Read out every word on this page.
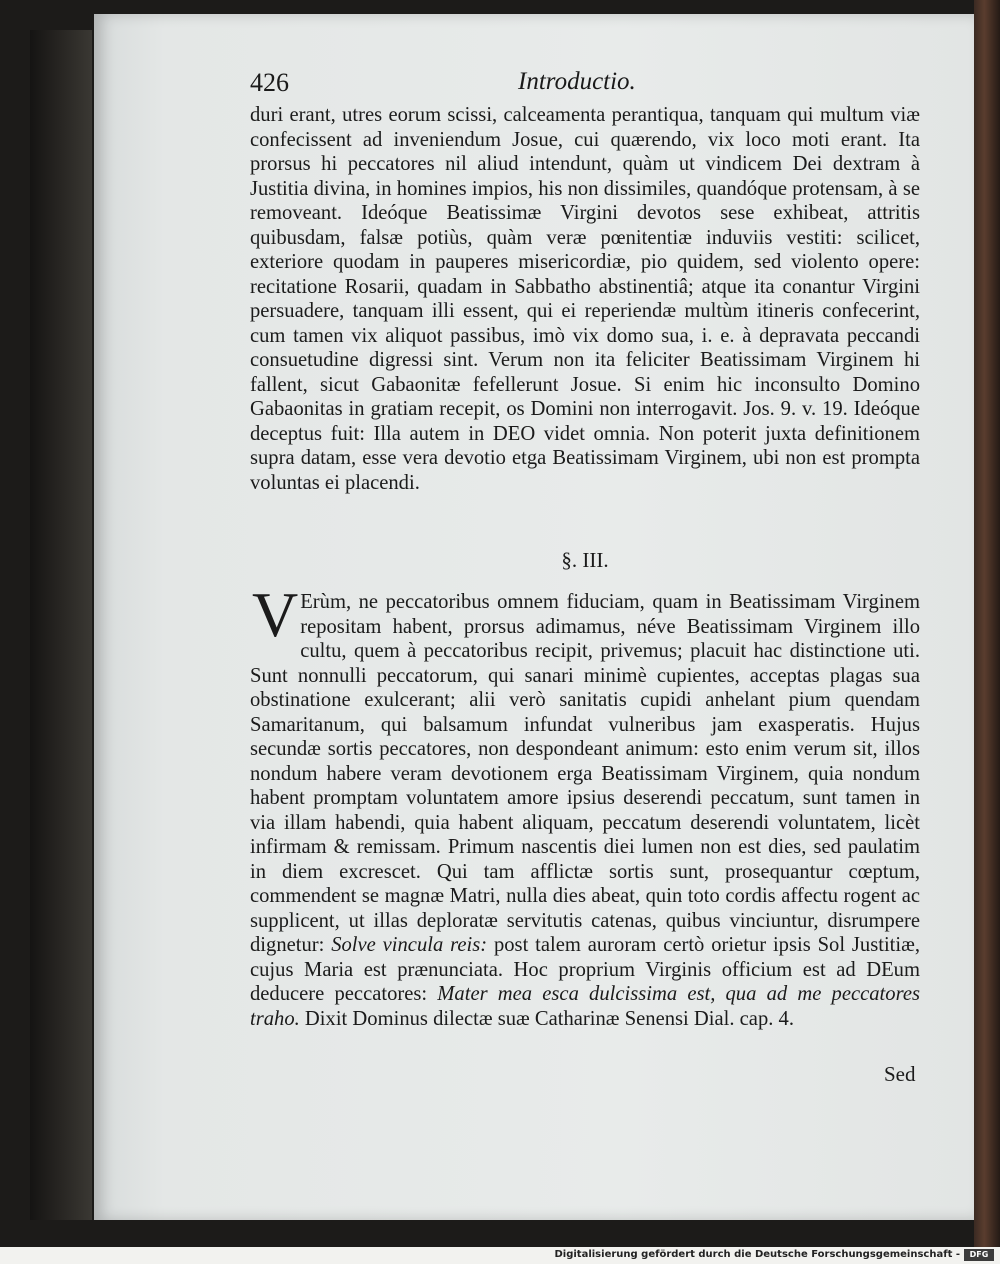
426	Introductio.
duri erant, utres eorum scissi, calceamenta perantiqua, tanquam qui multum viæ confecissent ad inveniendum Josue, cui quærendo, vix loco moti erant. Ita prorsus hi peccatores nil aliud intendunt, quàm ut vindicem Dei dextram à Justitia divina, in homines impios, his non dissimiles, quandóque protensam, à se removeant. Ideóque Beatissimæ Virgini devotos sese exhibeat, attritis quibusdam, falsæ potiùs, quàm veræ pœnitentiæ induviis vestiti: scilicet, exteriore quodam in pauperes misericordiæ, pio quidem, sed violento opere: recitatione Rosarii, quadam in Sabbatho abstinentiâ; atque ita conantur Virgini persuadere, tanquam illi essent, qui ei reperiendæ multùm itineris confecerint, cum tamen vix aliquot passibus, imò vix domo sua, i. e. à depravata peccandi consuetudine digressi sint. Verum non ita feliciter Beatissimam Virginem hi fallent, sicut Gabaonitæ fefellerunt Josue. Si enim hic inconsulto Domino Gabaonitas in gratiam recepit, os Domini non interrogavit. Jos. 9. v. 19. Ideóque deceptus fuit: Illa autem in DEO videt omnia. Non poterit juxta definitionem supra datam, esse vera devotio etga Beatissimam Virginem, ubi non est prompta voluntas ei placendi.
§. III.
V Erùm, ne peccatoribus omnem fiduciam, quam in Beatissimam Virginem repositam habent, prorsus adimamus, néve Beatissimam Virginem illo cultu, quem à peccatoribus recipit, privemus; placuit hac distinctione uti. Sunt nonnulli peccatorum, qui sanari minimè cupientes, acceptas plagas sua obstinatione exulcerant; alii verò sanitatis cupidi anhelant pium quendam Samaritanum, qui balsamum infundat vulneribus jam exasperatis. Hujus secundæ sortis peccatores, non despondeant animum: esto enim verum sit, illos nondum habere veram devotionem erga Beatissimam Virginem, quia nondum habent promptam voluntatem amore ipsius deserendi peccatum, sunt tamen in via illam habendi, quia habent aliquam, peccatum deserendi voluntatem, licèt infirmam & remissam. Primum nascentis diei lumen non est dies, sed paulatim in diem excrescet. Qui tam afflictæ sortis sunt, prosequantur cœptum, commendent se magnæ Matri, nulla dies abeat, quin toto cordis affectu rogent ac supplicent, ut illas deploratæ servitutis catenas, quibus vinciuntur, disrumpere dignetur: Solve vincula reis: post talem auroram certò orietur ipsis Sol Justitiæ, cujus Maria est prænunciata. Hoc proprium Virginis officium est ad DEum deducere peccatores: Mater mea esca dulcissima est, qua ad me peccatores traho. Dixit Dominus dilectæ suæ Catharinæ Senensi Dial. cap. 4.
Sed
Digitalisierung gefördert durch die Deutsche Forschungsgemeinschaft -	DFG
